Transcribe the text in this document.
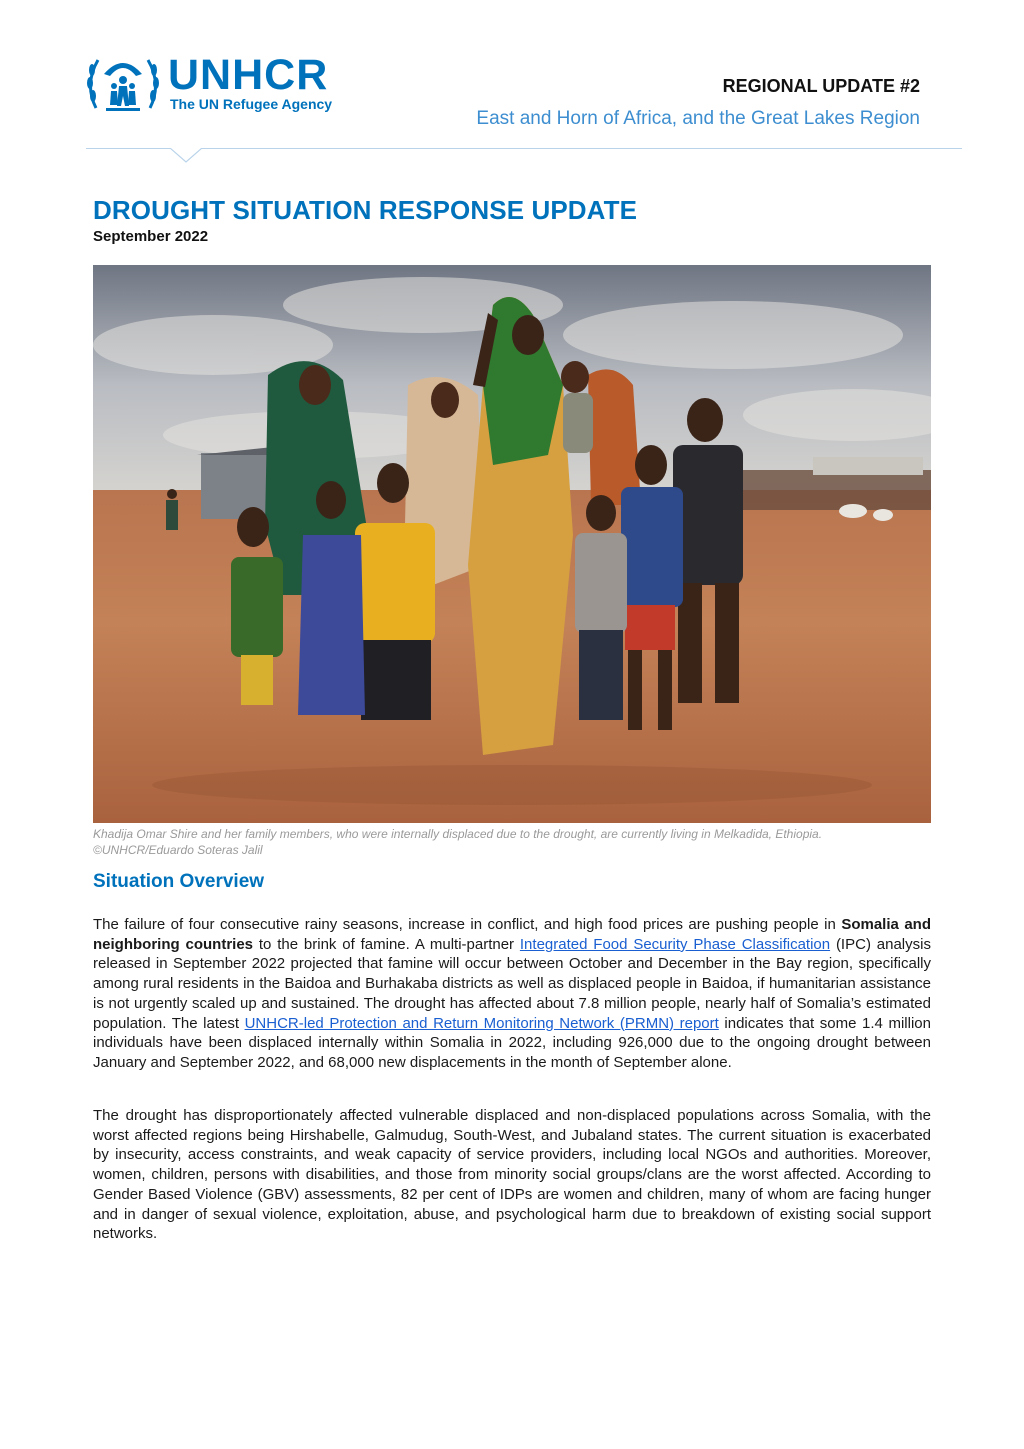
UNHCR
The UN Refugee Agency
REGIONAL UPDATE #2
East and Horn of Africa, and the Great Lakes Region
DROUGHT SITUATION RESPONSE UPDATE
September 2022
Khadija Omar Shire and her family members, who were internally displaced due to the drought, are currently living in Melkadida, Ethiopia.
©UNHCR/Eduardo Soteras Jalil
Situation Overview
The failure of four consecutive rainy seasons, increase in conflict, and high food prices are pushing people in Somalia and neighboring countries to the brink of famine. A multi-partner Integrated Food Security Phase Classification (IPC) analysis released in September 2022 projected that famine will occur between October and December in the Bay region, specifically among rural residents in the Baidoa and Burhakaba districts as well as displaced people in Baidoa, if humanitarian assistance is not urgently scaled up and sustained. The drought has affected about 7.8 million people, nearly half of Somalia’s estimated population. The latest UNHCR-led Protection and Return Monitoring Network (PRMN) report indicates that some 1.4 million individuals have been displaced internally within Somalia in 2022, including 926,000 due to the ongoing drought between January and September 2022, and 68,000 new displacements in the month of September alone.
The drought has disproportionately affected vulnerable displaced and non-displaced populations across Somalia, with the worst affected regions being Hirshabelle, Galmudug, South-West, and Jubaland states. The current situation is exacerbated by insecurity, access constraints, and weak capacity of service providers, including local NGOs and authorities. Moreover, women, children, persons with disabilities, and those from minority social groups/clans are the worst affected. According to Gender Based Violence (GBV) assessments, 82 per cent of IDPs are women and children, many of whom are facing hunger and in danger of sexual violence, exploitation, abuse, and psychological harm due to breakdown of existing social support networks.
